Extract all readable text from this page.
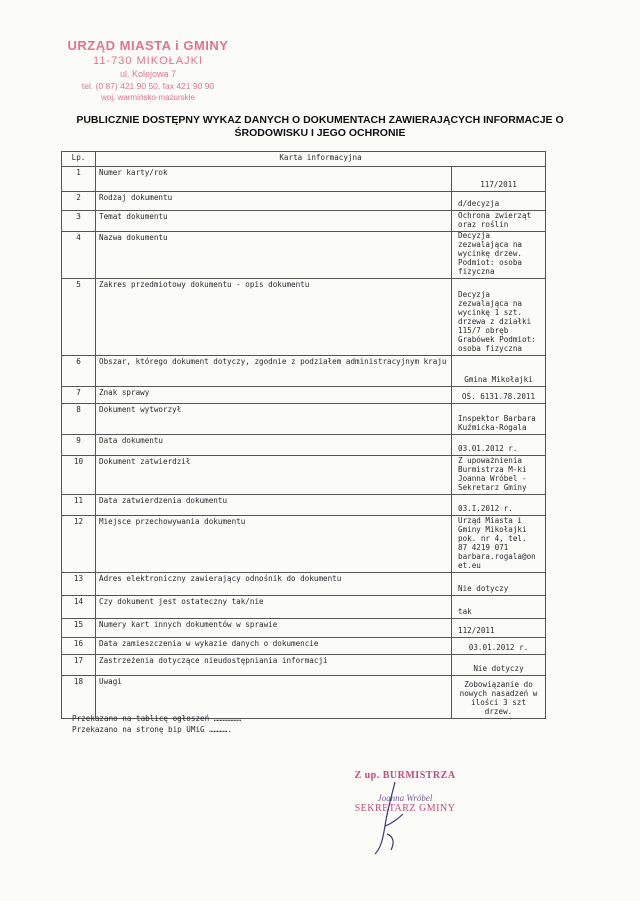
URZĄD MIASTA i GMINY
11-730 MIKOŁAJKI
ul. Kolejowa 7
tel. (0 87) 421 90 50, fax 421 90 90
woj. warmińsko-mazurskie
PUBLICZNIE DOSTĘPNY WYKAZ DANYCH O DOKUMENTACH ZAWIERAJĄCYCH INFORMACJE O
ŚRODOWISKU I JEGO OCHRONIE
Lp.	Karta informacyjna	
1	Numer karty/rok	117/2011

2	Rodzaj dokumentu	d/decyzja

3	Temat dokumentu	Ochrona zwierząt oraz roślin

4	Nazwa dokumentu	Decyzja zezwalająca na wycinkę drzew. Podmiot: osoba fizyczna

5	Zakres przedmiotowy dokumentu - opis dokumentu	Decyzja zezwalająca na wycinkę 1 szt. drzewa z działki 115/7 obręb Grabówek Podmiot: osoba fizyczna

6	Obszar, którego dokument dotyczy, zgodnie z podziałem administracyjnym kraju	Gmina Mikołajki

7	Znak sprawy	OŚ. 6131.78.2011

8	Dokument wytworzył	Inspektor Barbara Kuźmicka-Rogala

9	Data dokumentu	03.01.2012 r.

10	Dokument zatwierdził	Z upoważnienia Burmistrza M-ki Joanna Wróbel - Sekretarz Gminy

11	Data zatwierdzenia dokumentu	03.I.2012 r.

12	Miejsce przechowywania dokumentu	Urząd Miasta i Gminy Mikołajki pok. nr 4, tel. 87 4219 071 barbara.rogala@on et.eu

13	Adres elektroniczny zawierający odnośnik do dokumentu	Nie dotyczy

14	Czy dokument jest ostateczny tak/nie	tak

15	Numery kart innych dokumentów w sprawie	112/2011

16	Data zamieszczenia w wykazie danych o dokumencie	03.01.2012 r.

17	Zastrzeżenia dotyczące nieudostępniania informacji	Nie dotyczy

18	Uwagi	Zobowiązanie do nowych nasadzeń w ilości 3 szt drzew.
Przekazano na tablicę ogłoszeń ………………
Przekazano na stronę bip UMiG ………….
Z up. BURMISTRZA
Joanna Wróbel
SEKRETARZ GMINY
